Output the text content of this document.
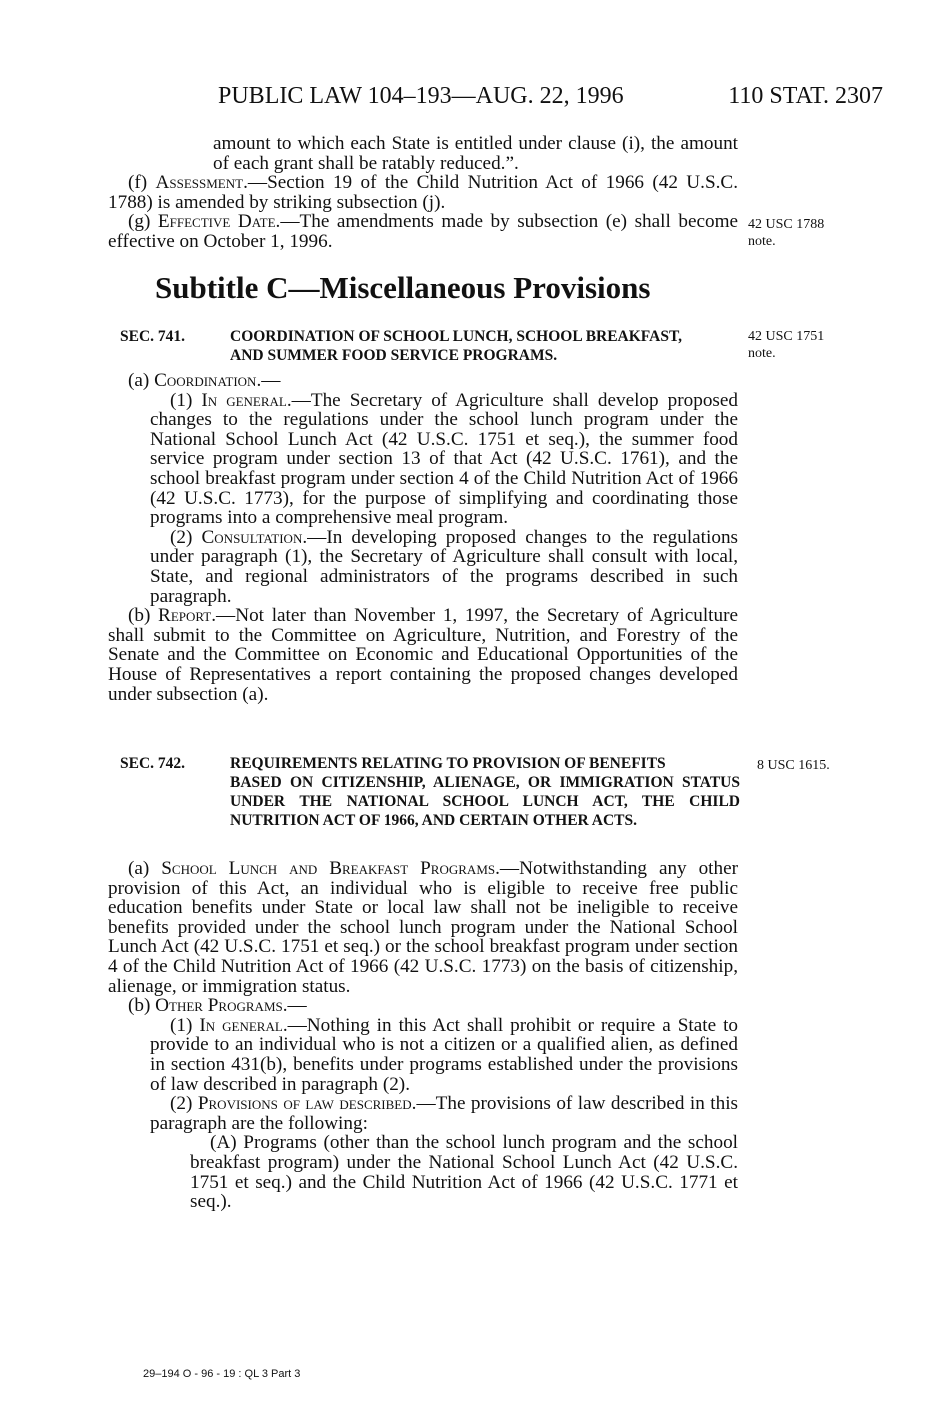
PUBLIC LAW 104–193—AUG. 22, 1996	110 STAT. 2307

amount to which each State is entitled under clause (i), the amount of each grant shall be ratably reduced.”.

(f) Assessment.—Section 19 of the Child Nutrition Act of 1966 (42 U.S.C. 1788) is amended by striking subsection (j).

(g) Effective Date.—The amendments made by subsection (e) shall become effective on October 1, 1996.

42 USC 1788
note.
Subtitle C—Miscellaneous Provisions
SEC. 741.	COORDINATION OF SCHOOL LUNCH, SCHOOL BREAKFAST,
AND SUMMER FOOD SERVICE PROGRAMS.
42 USC 1751
note.

(a) Coordination.—

(1) In general.—The Secretary of Agriculture shall develop proposed changes to the regulations under the school lunch program under the National School Lunch Act (42 U.S.C. 1751 et seq.), the summer food service program under section 13 of that Act (42 U.S.C. 1761), and the school breakfast program under section 4 of the Child Nutrition Act of 1966 (42 U.S.C. 1773), for the purpose of simplifying and coordinating those programs into a comprehensive meal program.

(2) Consultation.—In developing proposed changes to the regulations under paragraph (1), the Secretary of Agriculture shall consult with local, State, and regional administrators of the programs described in such paragraph.

(b) Report.—Not later than November 1, 1997, the Secretary of Agriculture shall submit to the Committee on Agriculture, Nutrition, and Forestry of the Senate and the Committee on Economic and Educational Opportunities of the House of Representatives a report containing the proposed changes developed under subsection (a).

SEC. 742.	REQUIREMENTS RELATING TO PROVISION OF BENEFITS
BASED ON CITIZENSHIP, ALIENAGE, OR IMMIGRATION STATUS UNDER THE NATIONAL SCHOOL LUNCH ACT, THE CHILD NUTRITION ACT OF 1966, AND CERTAIN OTHER ACTS.
8 USC 1615.

(a) School Lunch and Breakfast Programs.—Notwithstanding any other provision of this Act, an individual who is eligible to receive free public education benefits under State or local law shall not be ineligible to receive benefits provided under the school lunch program under the National School Lunch Act (42 U.S.C. 1751 et seq.) or the school breakfast program under section 4 of the Child Nutrition Act of 1966 (42 U.S.C. 1773) on the basis of citizenship, alienage, or immigration status.

(b) Other Programs.—

(1) In general.—Nothing in this Act shall prohibit or require a State to provide to an individual who is not a citizen or a qualified alien, as defined in section 431(b), benefits under programs established under the provisions of law described in paragraph (2).

(2) Provisions of law described.—The provisions of law described in this paragraph are the following:

(A) Programs (other than the school lunch program and the school breakfast program) under the National School Lunch Act (42 U.S.C. 1751 et seq.) and the Child Nutrition Act of 1966 (42 U.S.C. 1771 et seq.).

29–194 O - 96 - 19 : QL 3 Part 3
